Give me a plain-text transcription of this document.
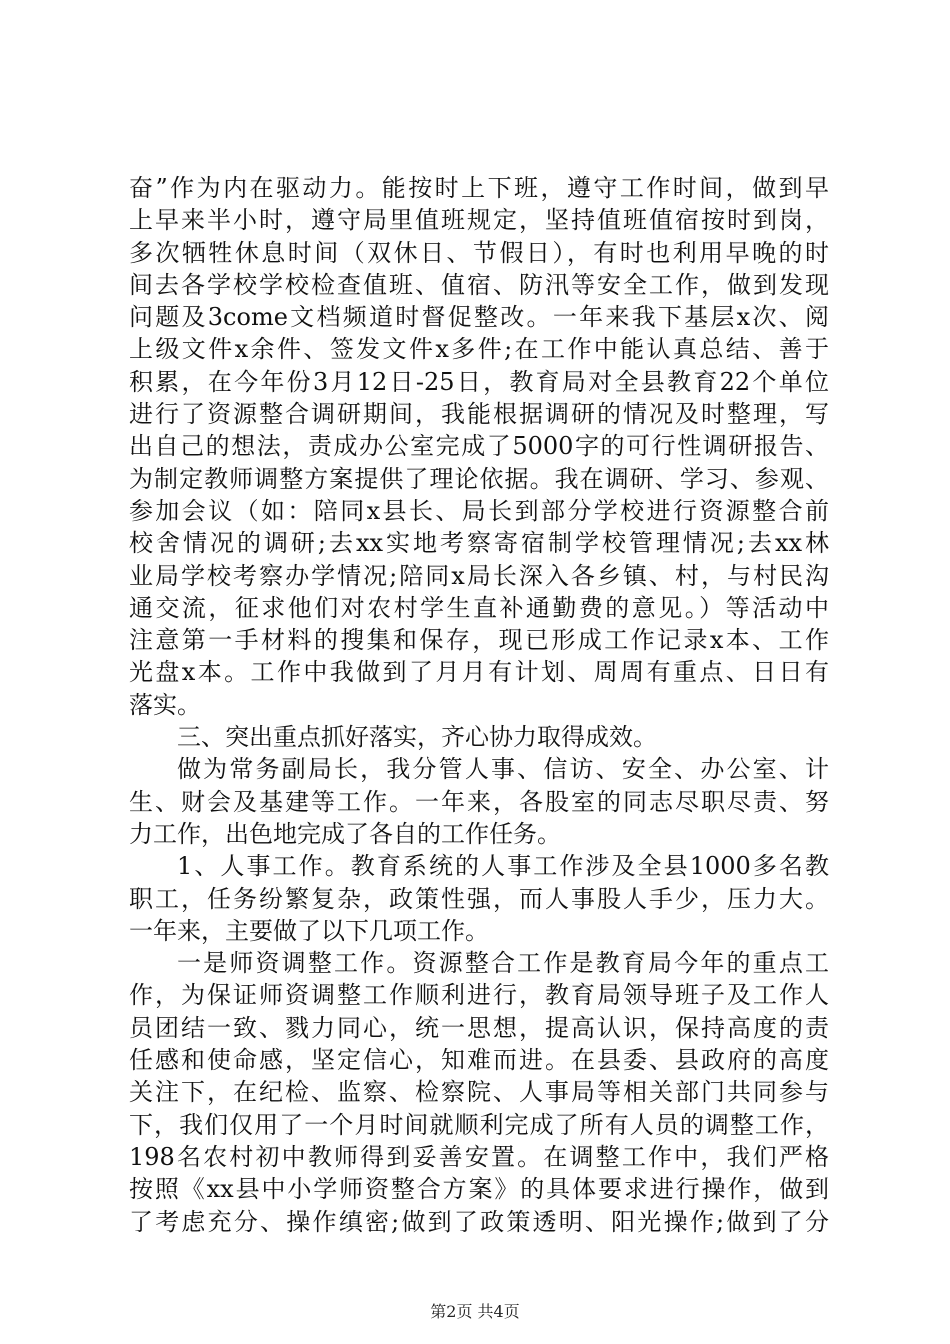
奋”作为内在驱动力。能按时上下班，遵守工作时间，做到早
上早来半小时，遵守局里值班规定，坚持值班值宿按时到岗，
多次牺牲休息时间（双休日、节假日），有时也利用早晚的时
间去各学校学校检查值班、值宿、防汛等安全工作，做到发现
问题及3come文档频道时督促整改。一年来我下基层x次、阅
上级文件x余件、签发文件x多件;在工作中能认真总结、善于
积累，在今年份3月12日-25日，教育局对全县教育22个单位
进行了资源整合调研期间，我能根据调研的情况及时整理，写
出自己的想法，责成办公室完成了5000字的可行性调研报告、
为制定教师调整方案提供了理论依据。我在调研、学习、参观、
参加会议（如：陪同x县长、局长到部分学校进行资源整合前
校舍情况的调研;去xx实地考察寄宿制学校管理情况;去xx林
业局学校考察办学情况;陪同x局长深入各乡镇、村，与村民沟
通交流，征求他们对农村学生直补通勤费的意见。）等活动中
注意第一手材料的搜集和保存，现已形成工作记录x本、工作
光盘x本。工作中我做到了月月有计划、周周有重点、日日有
落实。
三、突出重点抓好落实，齐心协力取得成效。
做为常务副局长，我分管人事、信访、安全、办公室、计
生、财会及基建等工作。一年来，各股室的同志尽职尽责、努
力工作，出色地完成了各自的工作任务。
1、人事工作。教育系统的人事工作涉及全县1000多名教
职工，任务纷繁复杂，政策性强，而人事股人手少，压力大。
一年来，主要做了以下几项工作。
一是师资调整工作。资源整合工作是教育局今年的重点工
作，为保证师资调整工作顺利进行，教育局领导班子及工作人
员团结一致、戮力同心，统一思想，提高认识，保持高度的责
任感和使命感，坚定信心，知难而进。在县委、县政府的高度
关注下，在纪检、监察、检察院、人事局等相关部门共同参与
下，我们仅用了一个月时间就顺利完成了所有人员的调整工作，
198名农村初中教师得到妥善安置。在调整工作中，我们严格
按照《xx县中小学师资整合方案》的具体要求进行操作，做到
了考虑充分、操作缜密;做到了政策透明、阳光操作;做到了分
第2页 共4页
